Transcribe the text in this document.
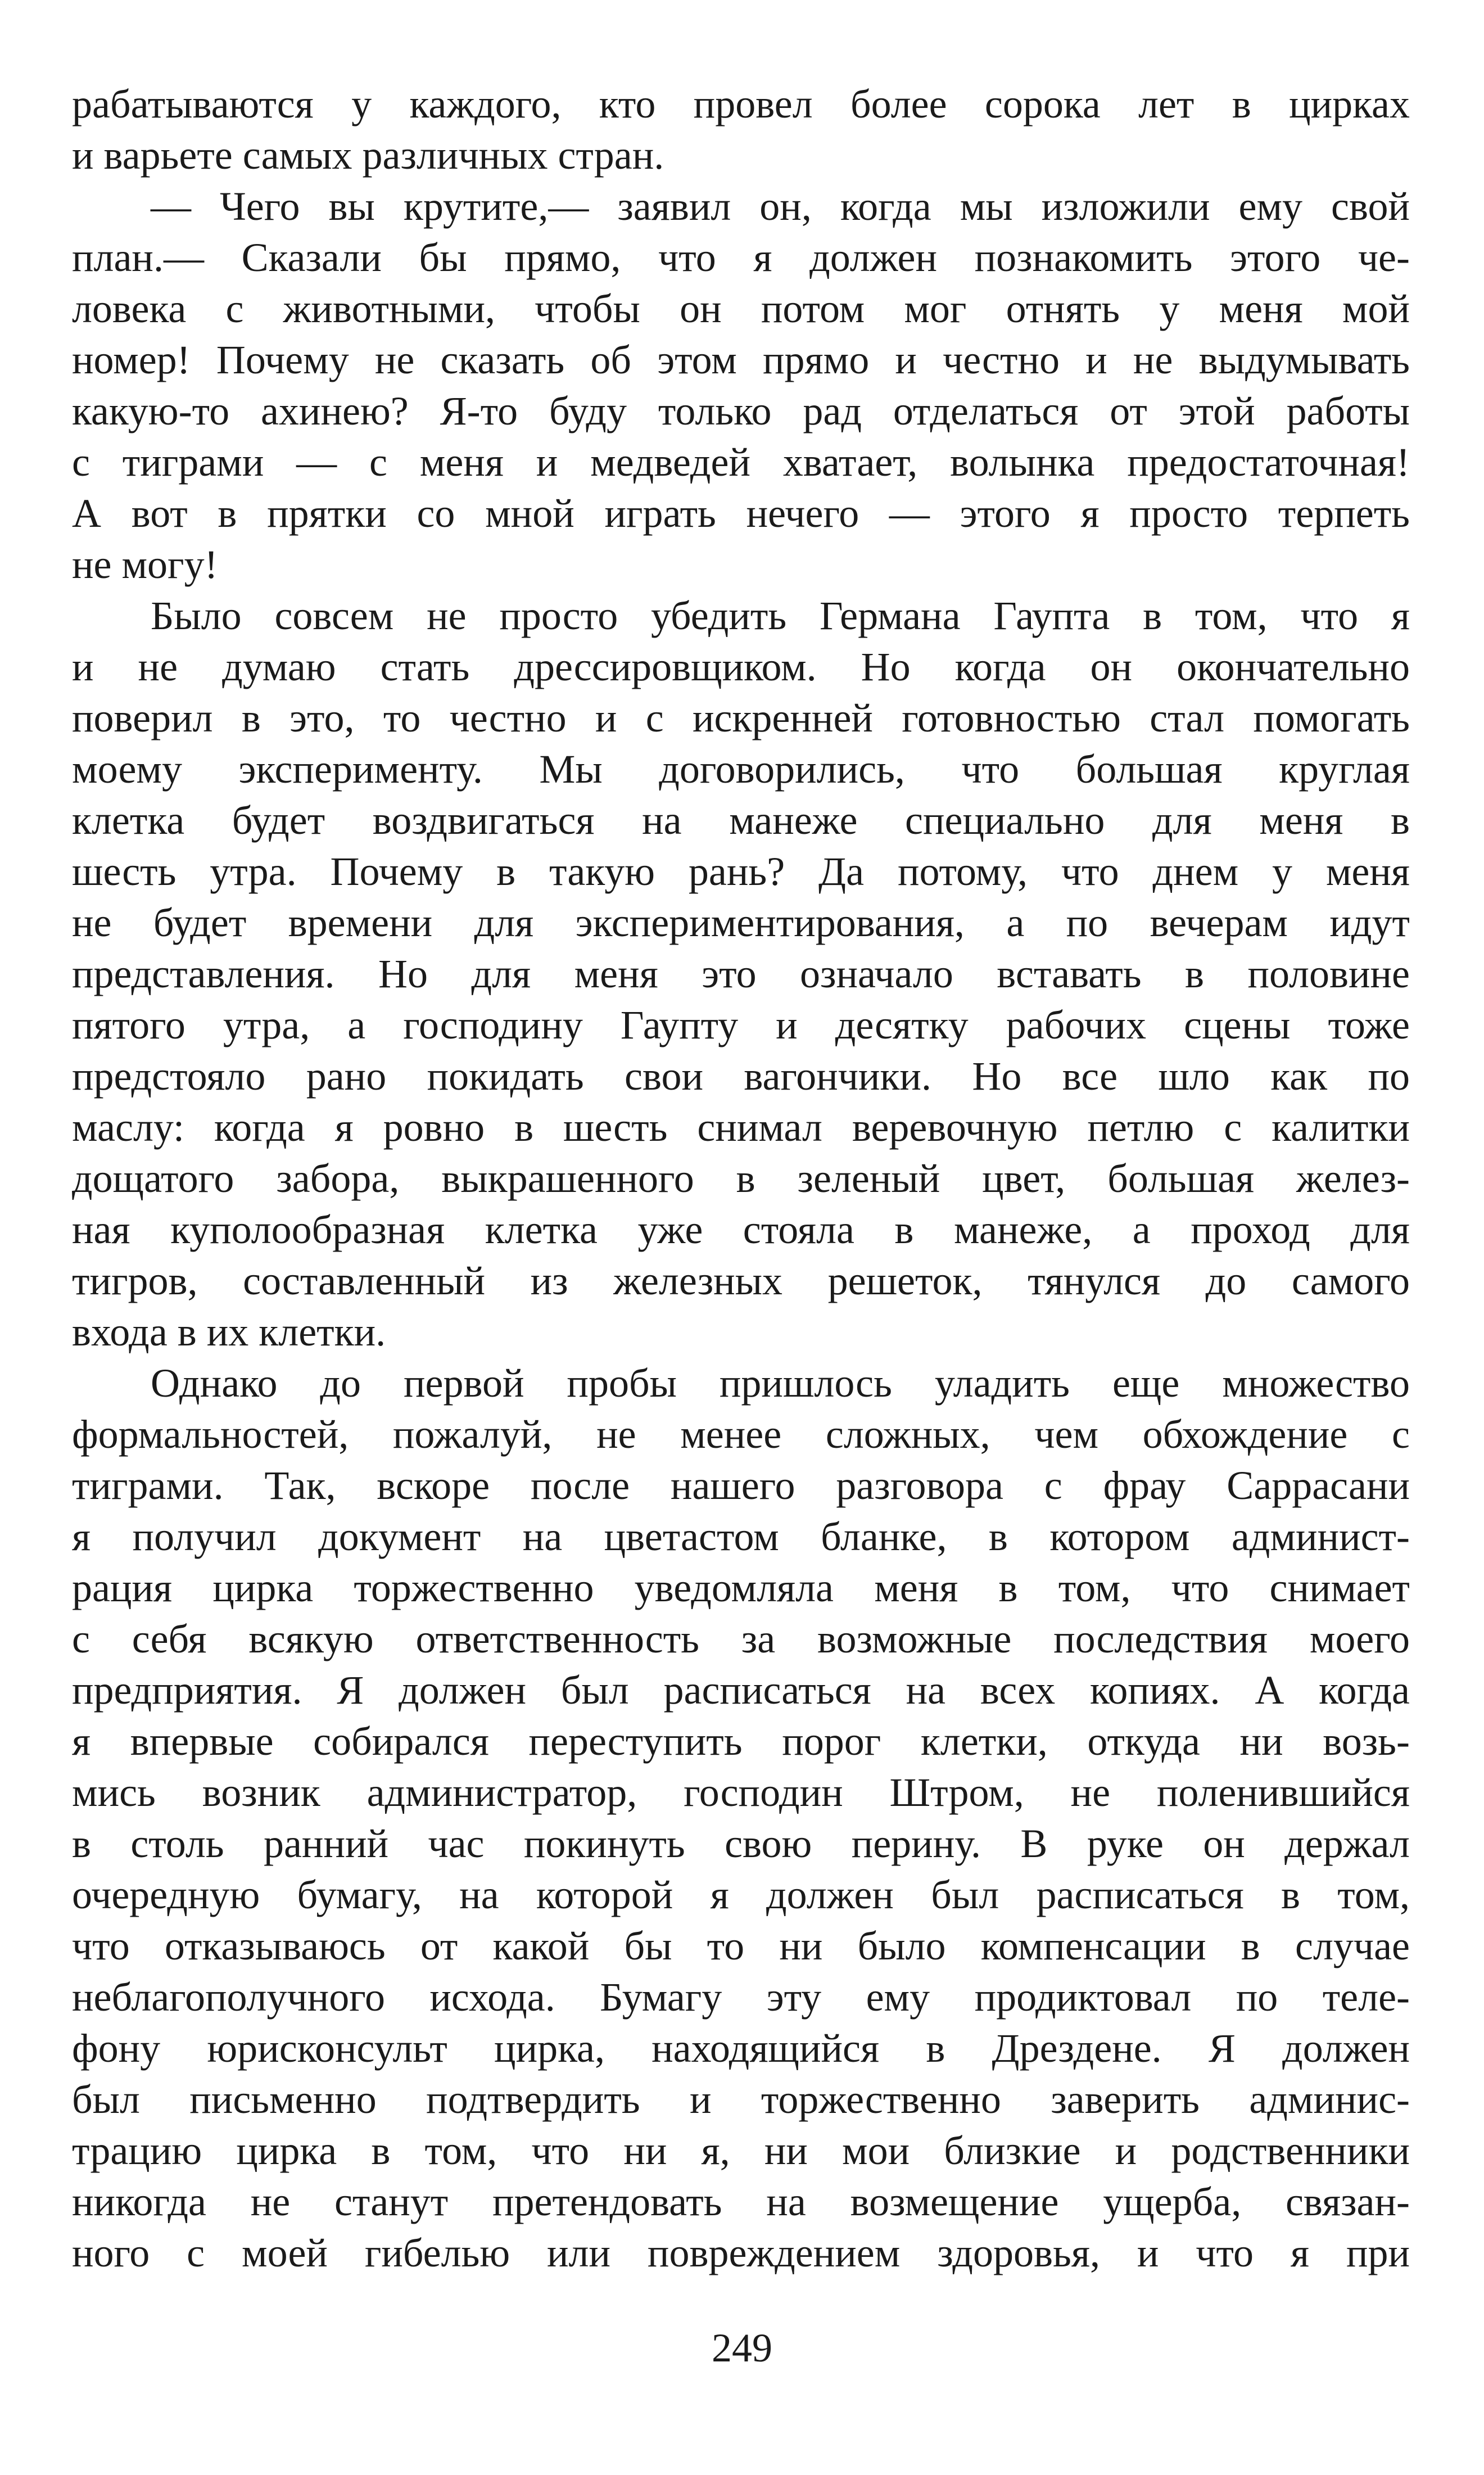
рабатываются у каждого, кто провел более сорока лет в цирках
и варьете самых различных стран.
— Чего вы крутите,— заявил он, когда мы изложили ему свой
план.— Сказали бы прямо, что я должен познакомить этого че-
ловека с животными, чтобы он потом мог отнять у меня мой
номер! Почему не сказать об этом прямо и честно и не выдумывать
какую-то ахинею? Я-то буду только рад отделаться от этой работы
с тиграми — с меня и медведей хватает, волынка предостаточная!
А вот в прятки со мной играть нечего — этого я просто терпеть
не могу!
Было совсем не просто убедить Германа Гаупта в том, что я
и не думаю стать дрессировщиком. Но когда он окончательно
поверил в это, то честно и с искренней готовностью стал помогать
моему эксперименту. Мы договорились, что большая круглая
клетка будет воздвигаться на манеже специально для меня в
шесть утра. Почему в такую рань? Да потому, что днем у меня
не будет времени для экспериментирования, а по вечерам идут
представления. Но для меня это означало вставать в половине
пятого утра, а господину Гаупту и десятку рабочих сцены тоже
предстояло рано покидать свои вагончики. Но все шло как по
маслу: когда я ровно в шесть снимал веревочную петлю с калитки
дощатого забора, выкрашенного в зеленый цвет, большая желез-
ная куполообразная клетка уже стояла в манеже, а проход для
тигров, составленный из железных решеток, тянулся до самого
входа в их клетки.
Однако до первой пробы пришлось уладить еще множество
формальностей, пожалуй, не менее сложных, чем обхождение с
тиграми. Так, вскоре после нашего разговора с фрау Саррасани
я получил документ на цветастом бланке, в котором админист-
рация цирка торжественно уведомляла меня в том, что снимает
с себя всякую ответственность за возможные последствия моего
предприятия. Я должен был расписаться на всех копиях. А когда
я впервые собирался переступить порог клетки, откуда ни возь-
мись возник администратор, господин Штром, не поленившийся
в столь ранний час покинуть свою перину. В руке он держал
очередную бумагу, на которой я должен был расписаться в том,
что отказываюсь от какой бы то ни было компенсации в случае
неблагополучного исхода. Бумагу эту ему продиктовал по теле-
фону юрисконсульт цирка, находящийся в Дрездене. Я должен
был письменно подтвердить и торжественно заверить админис-
трацию цирка в том, что ни я, ни мои близкие и родственники
никогда не станут претендовать на возмещение ущерба, связан-
ного с моей гибелью или повреждением здоровья, и что я при
249
